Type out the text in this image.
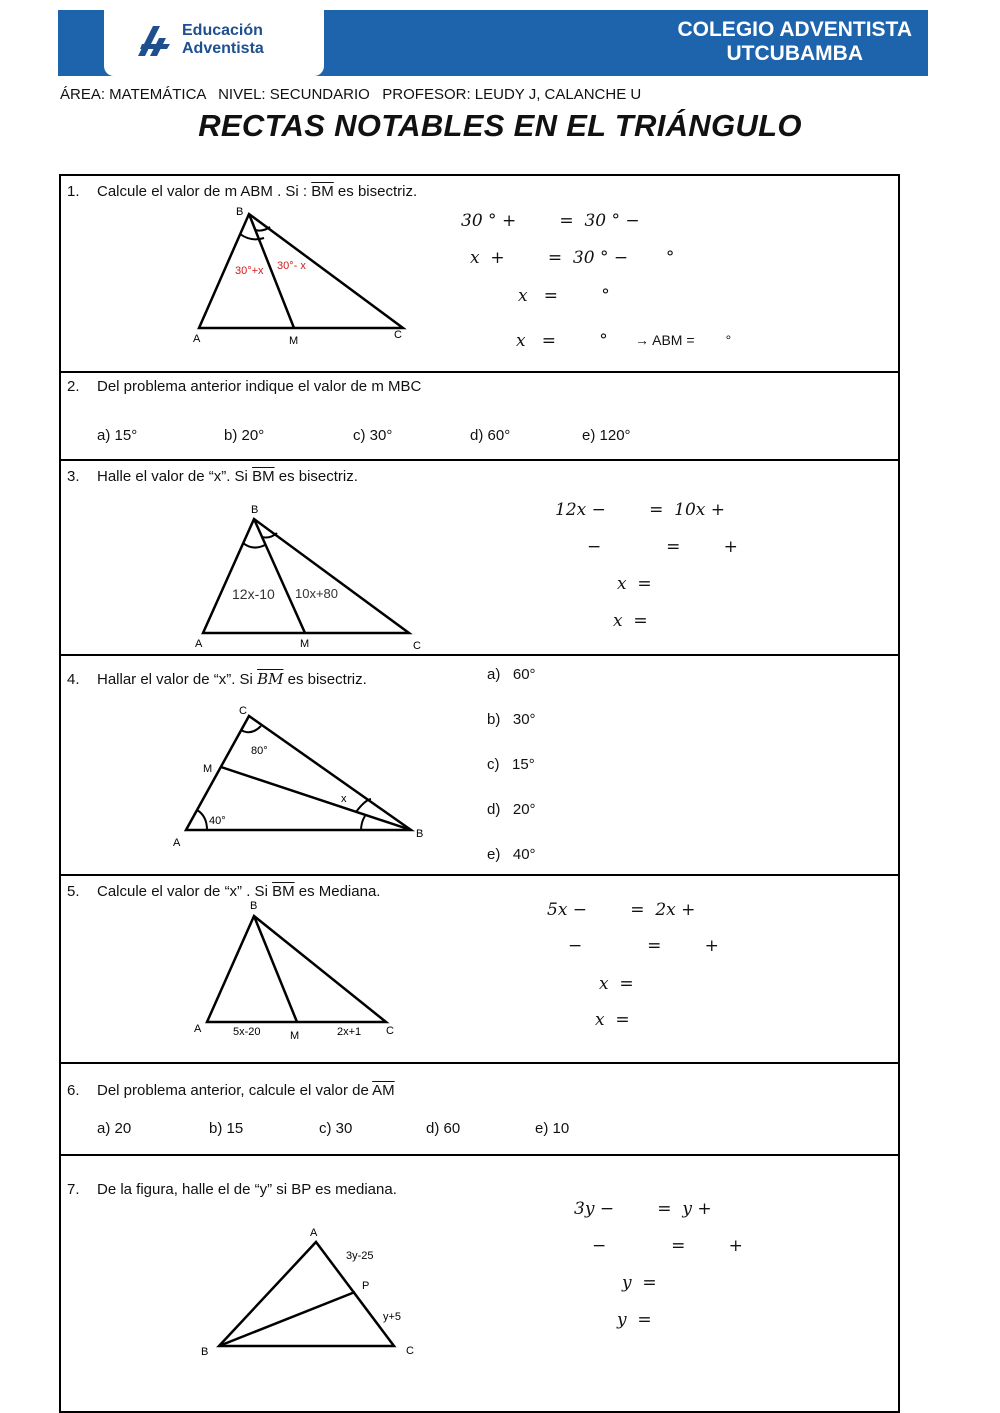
Educación
Adventista
COLEGIO ADVENTISTA
UTCUBAMBA
ÁREA: MATEMÁTICA   NIVEL: SECUNDARIO   PROFESOR: LEUDY J, CALANCHE U
RECTAS NOTABLES EN EL TRIÁNGULO
1. Calcule el valor de m ABM . Si : $\overline{BM}$ es bisectriz.
B
A	M	C
30°+x 30°- x
30 ° +        =  30 ° −
x  +        =  30 ° −       °
x   =        °
x   =        ° → ABM =        °
2. Del problema anterior indique el valor de m MBC
a) 15°	b) 20°	c) 30°	d) 60°	e) 120°
3. Halle el valor de “x”. Si $\overline{BM}$ es bisectriz.
B
A	M	C
12x-10 10x+80
12x −        =  10x +
−            =        +
x  =
x  =
4. Hallar el valor de “x”. Si $\overline{BM}$ es bisectriz.
C
M
A
B
80°
40°
x
a) 60°
b) 30°
c) 15°
d) 20°
e) 40°
5. Calcule el valor de “x” . Si $\overline{BM}$ es Mediana.
B
A
M	C
5x-20	2x+1
5x −        =  2x +
−            =        +
x  =
x  =
6. Del problema anterior, calcule el valor de $\overline{AM}$
a) 20	b) 15	c) 30	d) 60	e) 10
7. De la figura, halle el de “y” si BP es mediana.
A
P
B	C
3y-25
y+5
3y −        =  y +
−            =        +
y  =
y  =
